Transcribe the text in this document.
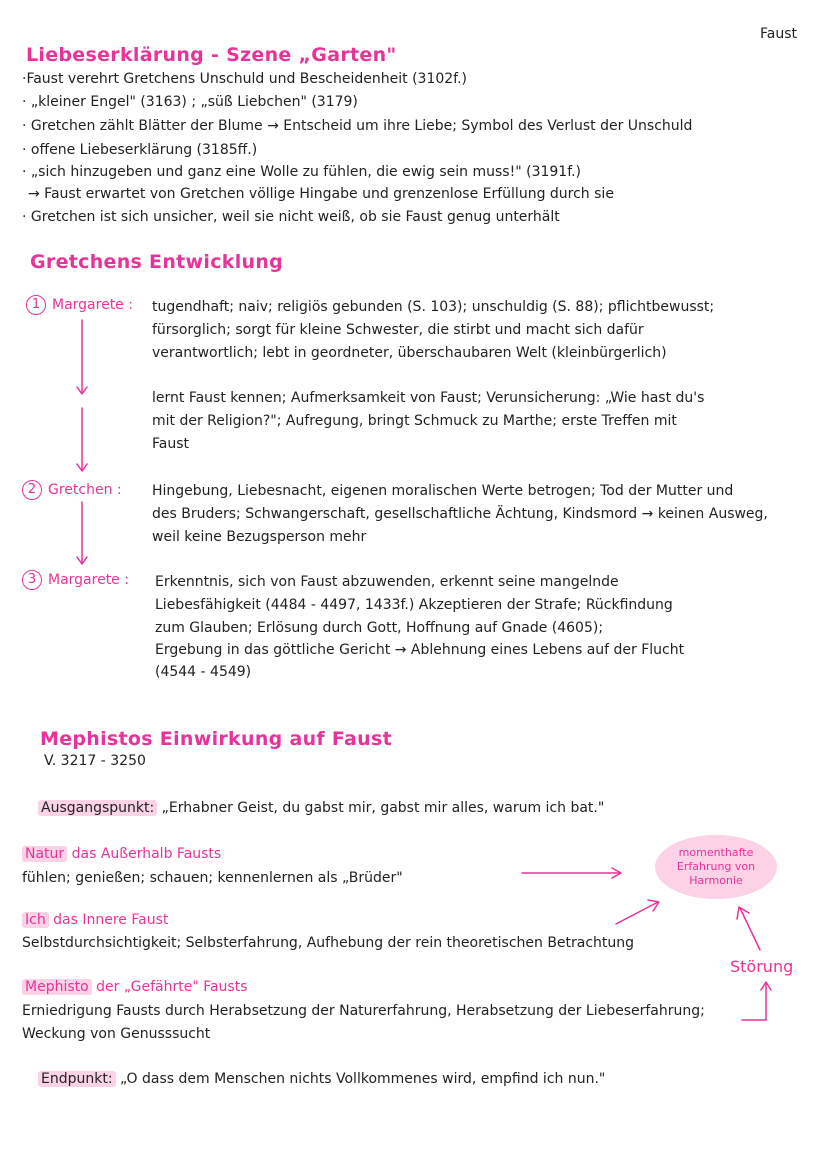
Faust
Liebeserklärung - Szene „Garten"
·Faust verehrt Gretchens Unschuld und Bescheidenheit (3102f.)
· „kleiner Engel" (3163) ; „süß Liebchen" (3179)
· Gretchen zählt Blätter der Blume → Entscheid um ihre Liebe; Symbol des Verlust der Unschuld
· offene Liebeserklärung (3185ff.)
· „sich hinzugeben und ganz eine Wolle zu fühlen, die ewig sein muss!" (3191f.)
→ Faust erwartet von Gretchen völlige Hingabe und grenzenlose Erfüllung durch sie
· Gretchen ist sich unsicher, weil sie nicht weiß, ob sie Faust genug unterhält
Gretchens Entwicklung
1 Margarete : tugendhaft; naiv; religiös gebunden (S. 103); unschuldig (S. 88); pflichtbewusst;
fürsorglich; sorgt für kleine Schwester, die stirbt und macht sich dafür
verantwortlich; lebt in geordneter, überschaubaren Welt (kleinbürgerlich)
lernt Faust kennen; Aufmerksamkeit von Faust; Verunsicherung: „Wie hast du's
mit der Religion?"; Aufregung, bringt Schmuck zu Marthe; erste Treffen mit
Faust
2 Gretchen : Hingebung, Liebesnacht, eigenen moralischen Werte betrogen; Tod der Mutter und
des Bruders; Schwangerschaft, gesellschaftliche Ächtung, Kindsmord → keinen Ausweg,
weil keine Bezugsperson mehr
3 Margarete : Erkenntnis, sich von Faust abzuwenden, erkennt seine mangelnde
Liebesfähigkeit (4484 - 4497, 1433f.) Akzeptieren der Strafe; Rückfindung
zum Glauben; Erlösung durch Gott, Hoffnung auf Gnade (4605);
Ergebung in das göttliche Gericht → Ablehnung eines Lebens auf der Flucht
(4544 - 4549)
Mephistos Einwirkung auf Faust
V. 3217 - 3250
Ausgangspunkt: „Erhabner Geist, du gabst mir, gabst mir alles, warum ich bat."
Natur das Außerhalb Fausts
fühlen; genießen; schauen; kennenlernen als „Brüder"
Ich das Innere Faust
Selbstdurchsichtigkeit; Selbsterfahrung, Aufhebung der rein theoretischen Betrachtung
Mephisto der „Gefährte" Fausts
Erniedrigung Fausts durch Herabsetzung der Naturerfahrung, Herabsetzung der Liebeserfahrung;
Weckung von Genusssucht
momenthafte
Erfahrung von
Harmonie
Störung
Endpunkt: „O dass dem Menschen nichts Vollkommenes wird, empfind ich nun."
